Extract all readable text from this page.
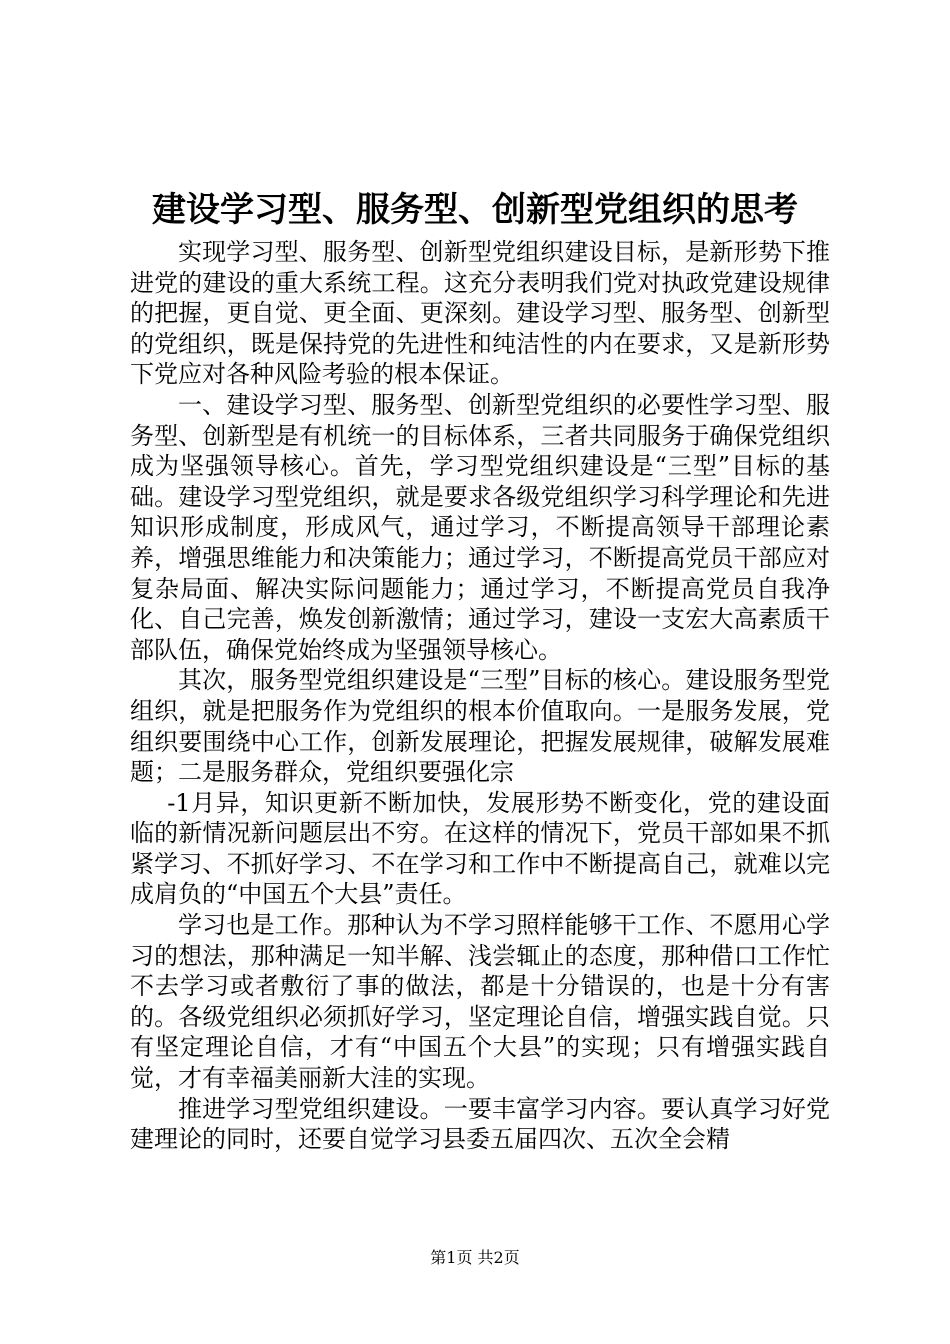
建设学习型、服务型、创新型党组织的思考

实现学习型、服务型、创新型党组织建设目标，是新形势下推进党的建设的重大系统工程。这充分表明我们党对执政党建设规律的把握，更自觉、更全面、更深刻。建设学习型、服务型、创新型的党组织，既是保持党的先进性和纯洁性的内在要求，又是新形势下党应对各种风险考验的根本保证。

一、建设学习型、服务型、创新型党组织的必要性学习型、服务型、创新型是有机统一的目标体系，三者共同服务于确保党组织成为坚强领导核心。首先，学习型党组织建设是“三型”目标的基础。建设学习型党组织，就是要求各级党组织学习科学理论和先进知识形成制度，形成风气，通过学习，不断提高领导干部理论素养，增强思维能力和决策能力；通过学习，不断提高党员干部应对复杂局面、解决实际问题能力；通过学习，不断提高党员自我净化、自己完善，焕发创新激情；通过学习，建设一支宏大高素质干部队伍，确保党始终成为坚强领导核心。

其次，服务型党组织建设是“三型”目标的核心。建设服务型党组织，就是把服务作为党组织的根本价值取向。一是服务发展，党组织要围绕中心工作，创新发展理论，把握发展规律，破解发展难题；二是服务群众，党组织要强化宗

-1月异，知识更新不断加快，发展形势不断变化，党的建设面临的新情况新问题层出不穷。在这样的情况下，党员干部如果不抓紧学习、不抓好学习、不在学习和工作中不断提高自己，就难以完成肩负的“中国五个大县”责任。

学习也是工作。那种认为不学习照样能够干工作、不愿用心学习的想法，那种满足一知半解、浅尝辄止的态度，那种借口工作忙不去学习或者敷衍了事的做法，都是十分错误的，也是十分有害的。各级党组织必须抓好学习，坚定理论自信，增强实践自觉。只有坚定理论自信，才有“中国五个大县”的实现；只有增强实践自觉，才有幸福美丽新大洼的实现。

推进学习型党组织建设。一要丰富学习内容。要认真学习好党建理论的同时，还要自觉学习县委五届四次、五次全会精

第1页 共2页
